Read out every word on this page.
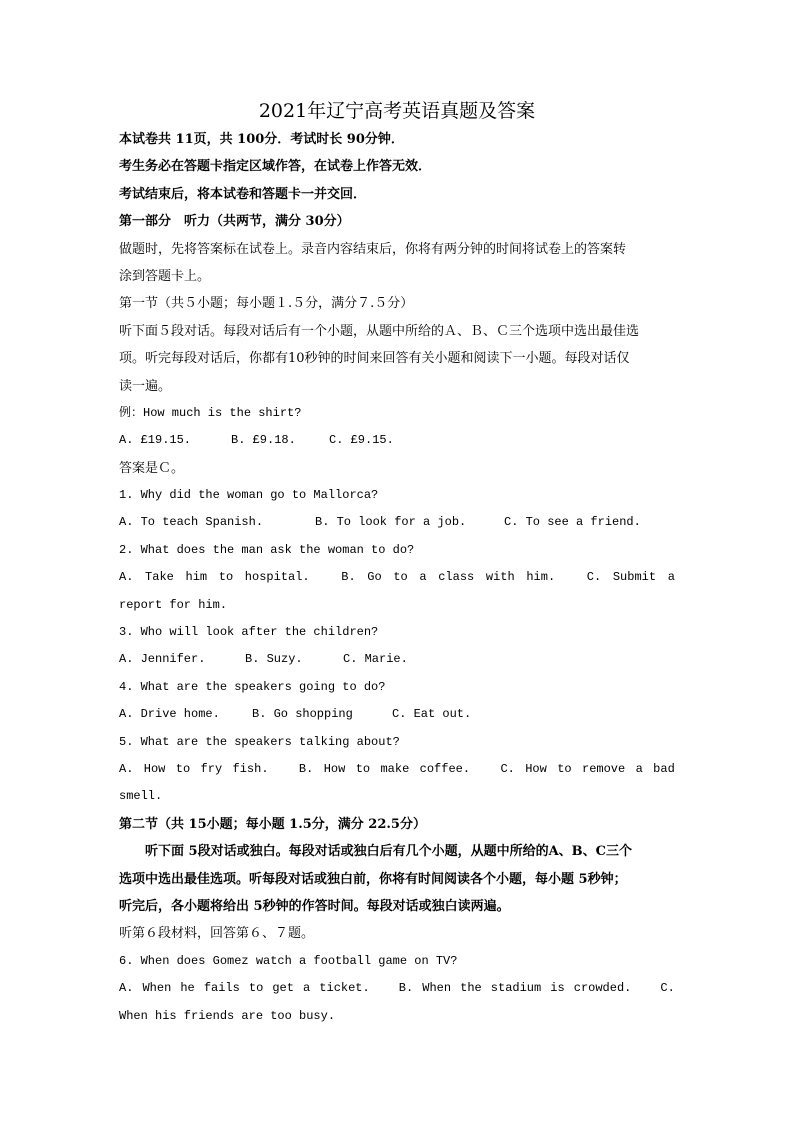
2021年辽宁高考英语真题及答案
本试卷共 11页，共 100分．考试时长 90分钟．
考生务必在答题卡指定区域作答，在试卷上作答无效．
考试结束后，将本试卷和答题卡一并交回．
第一部分　听力（共两节，满分 30分）
做题时，先将答案标在试卷上。录音内容结束后，你将有两分钟的时间将试卷上的答案转
涂到答题卡上。
第一节（共５小题；每小题１.５分，满分７.５分）
听下面５段对话。每段对话后有一个小题，从题中所给的Ａ、Ｂ、Ｃ三个选项中选出最佳选
项。听完每段对话后，你都有10秒钟的时间来回答有关小题和阅读下一小题。每段对话仅
读一遍。
例：How much is the shirt?
A. £19.15.	B. £9.18.	C. £9.15.
答案是Ｃ。
1. Why did the woman go to Mallorca?
A. To teach Spanish.	B. To look for a job.	C. To see a friend.
2. What does the man ask the woman to do?
A. Take him to hospital.	B. Go to a class with him.	C. Submit a
report for him.
3. Who will look after the children?
A. Jennifer.	B. Suzy.	C. Marie.
4. What are the speakers going to do?
A. Drive home.	B. Go shopping	C. Eat out.
5. What are the speakers talking about?
A. How to fry fish.	B. How to make coffee.	C. How to remove a bad
smell.
第二节（共 15小题；每小题 1.5分，满分 22.5分）
听下面 5段对话或独白。每段对话或独白后有几个小题，从题中所给的A、B、C三个
选项中选出最佳选项。听每段对话或独白前，你将有时间阅读各个小题，每小题 5秒钟；
听完后，各小题将给出 5秒钟的作答时间。每段对话或独白读两遍。
听第６段材料，回答第６、７题。
6. When does Gomez watch a football game on TV?
A. When he fails to get a ticket. B. When the stadium is crowded. C.
When his friends are too busy.
